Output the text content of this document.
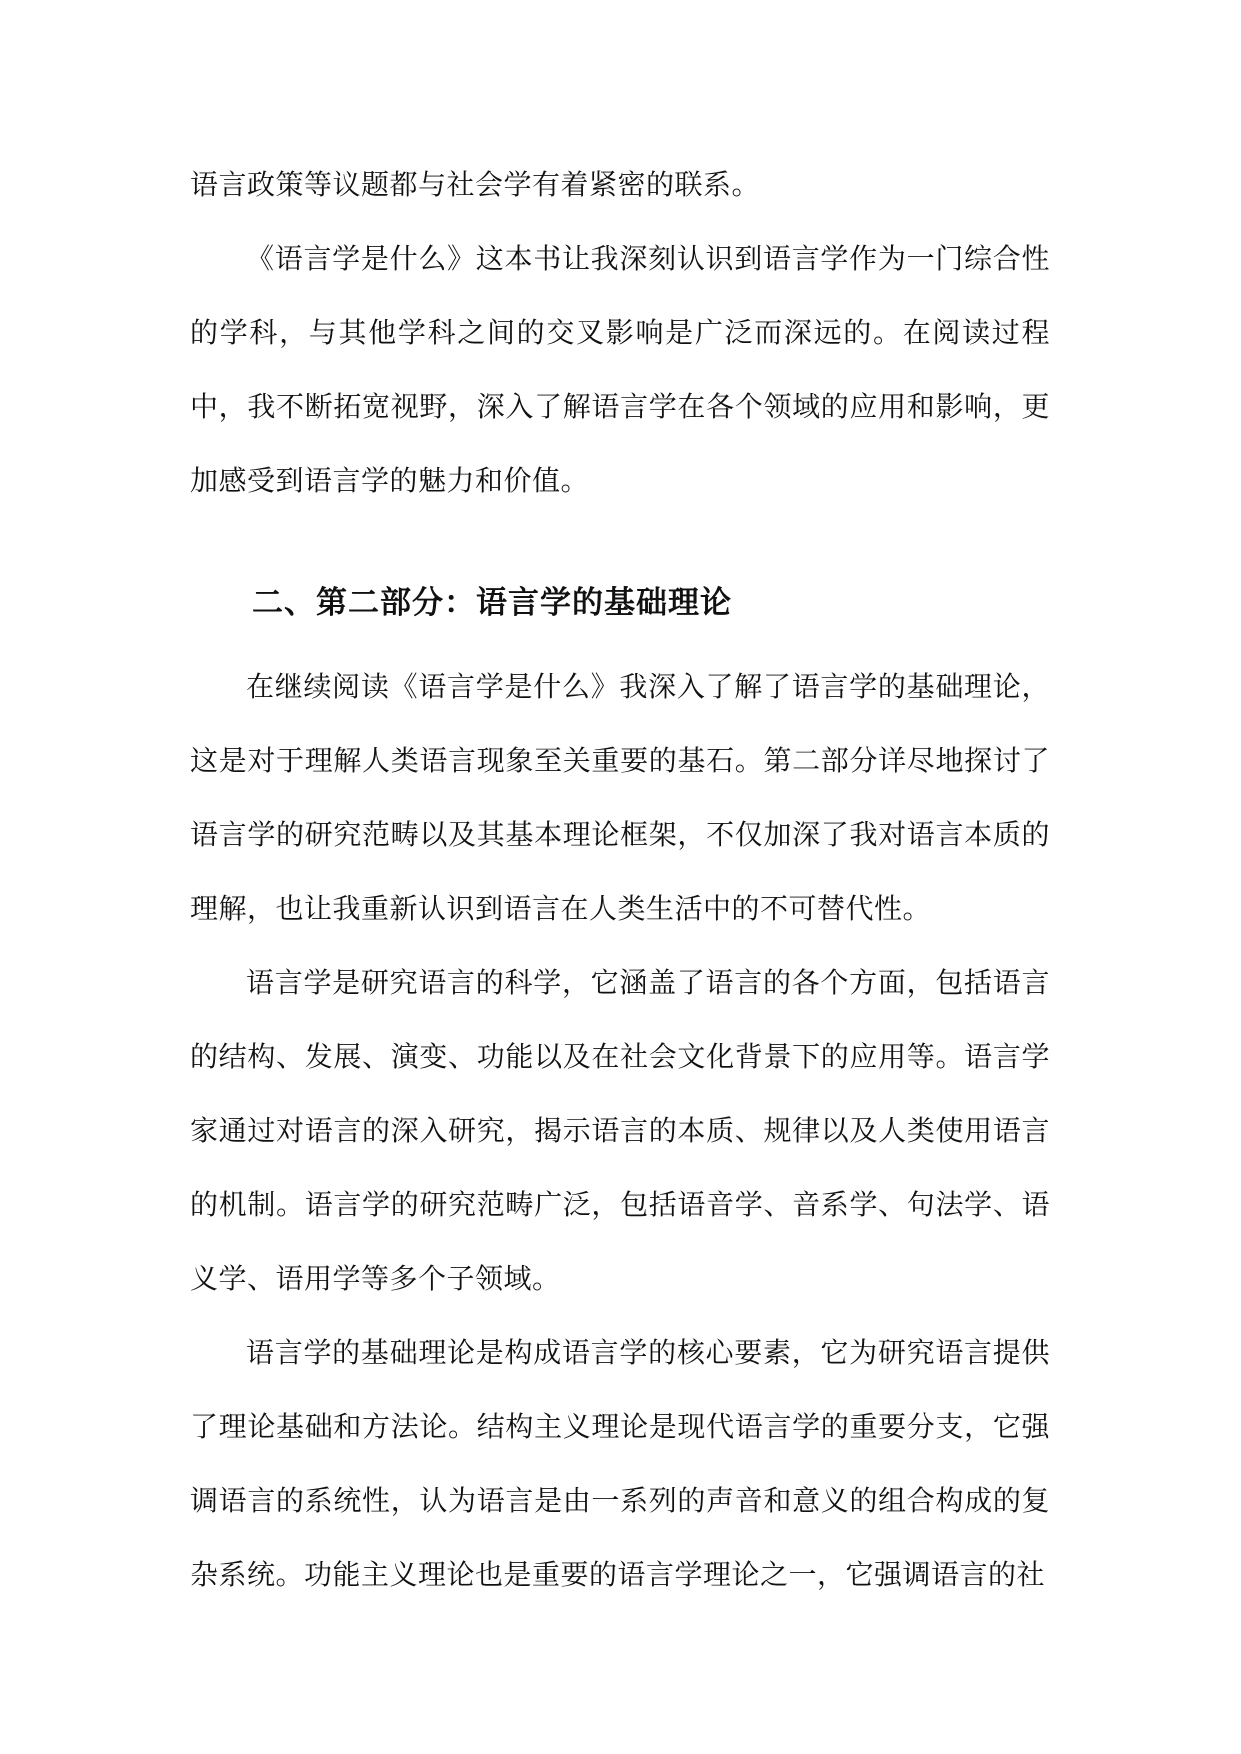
语言政策等议题都与社会学有着紧密的联系。

《语言学是什么》这本书让我深刻认识到语言学作为一门综合性的学科，与其他学科之间的交叉影响是广泛而深远的。在阅读过程中，我不断拓宽视野，深入了解语言学在各个领域的应用和影响，更加感受到语言学的魅力和价值。

二、第二部分：语言学的基础理论

在继续阅读《语言学是什么》我深入了解了语言学的基础理论，这是对于理解人类语言现象至关重要的基石。第二部分详尽地探讨了语言学的研究范畴以及其基本理论框架，不仅加深了我对语言本质的理解，也让我重新认识到语言在人类生活中的不可替代性。

语言学是研究语言的科学，它涵盖了语言的各个方面，包括语言的结构、发展、演变、功能以及在社会文化背景下的应用等。语言学家通过对语言的深入研究，揭示语言的本质、规律以及人类使用语言的机制。语言学的研究范畴广泛，包括语音学、音系学、句法学、语义学、语用学等多个子领域。

语言学的基础理论是构成语言学的核心要素，它为研究语言提供了理论基础和方法论。结构主义理论是现代语言学的重要分支，它强调语言的系统性，认为语言是由一系列的声音和意义的组合构成的复杂系统。功能主义理论也是重要的语言学理论之一，它强调语言的社
